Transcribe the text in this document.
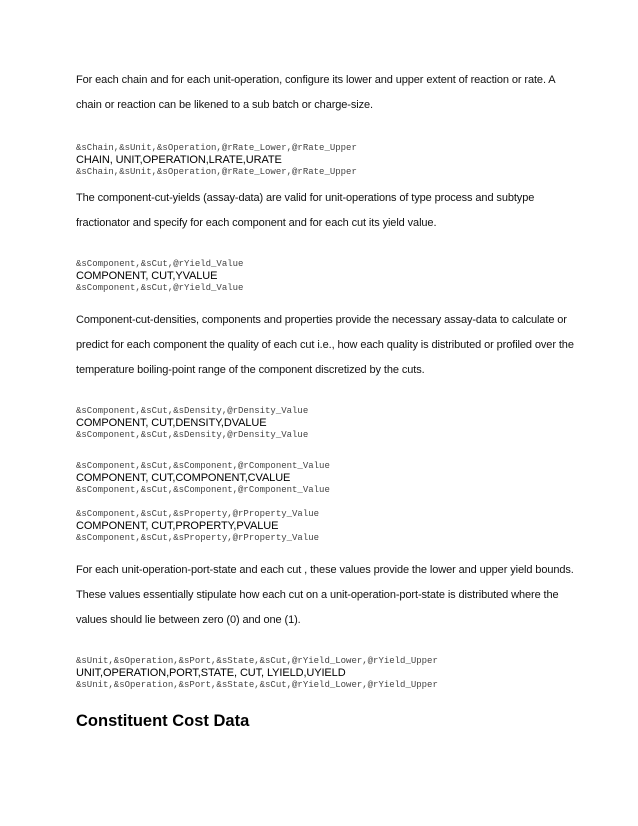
For each chain and for each unit-operation, configure its lower and upper extent of reaction or rate. A chain or reaction can be likened to a sub batch or charge-size.

&sChain,&sUnit,&sOperation,@rRate_Lower,@rRate_Upper
CHAIN, UNIT,OPERATION,LRATE,URATE
&sChain,&sUnit,&sOperation,@rRate_Lower,@rRate_Upper

The component-cut-yields (assay-data) are valid for unit-operations of type process and subtype fractionator and specify for each component and for each cut its yield value.

&sComponent,&sCut,@rYield_Value
COMPONENT, CUT,YVALUE
&sComponent,&sCut,@rYield_Value

Component-cut-densities, components and properties provide the necessary assay-data to calculate or predict for each component the quality of each cut i.e., how each quality is distributed or profiled over the temperature boiling-point range of the component discretized by the cuts.

&sComponent,&sCut,&sDensity,@rDensity_Value
COMPONENT, CUT,DENSITY,DVALUE
&sComponent,&sCut,&sDensity,@rDensity_Value
&sComponent,&sCut,&sComponent,@rComponent_Value
COMPONENT, CUT,COMPONENT,CVALUE
&sComponent,&sCut,&sComponent,@rComponent_Value
&sComponent,&sCut,&sProperty,@rProperty_Value
COMPONENT, CUT,PROPERTY,PVALUE
&sComponent,&sCut,&sProperty,@rProperty_Value

For each unit-operation-port-state and each cut , these values provide the lower and upper yield bounds. These values essentially stipulate how each cut on a unit-operation-port-state is distributed where the values should lie between zero (0) and one (1).

&sUnit,&sOperation,&sPort,&sState,&sCut,@rYield_Lower,@rYield_Upper
UNIT,OPERATION,PORT,STATE, CUT, LYIELD,UYIELD
&sUnit,&sOperation,&sPort,&sState,&sCut,@rYield_Lower,@rYield_Upper
Constituent Cost Data
